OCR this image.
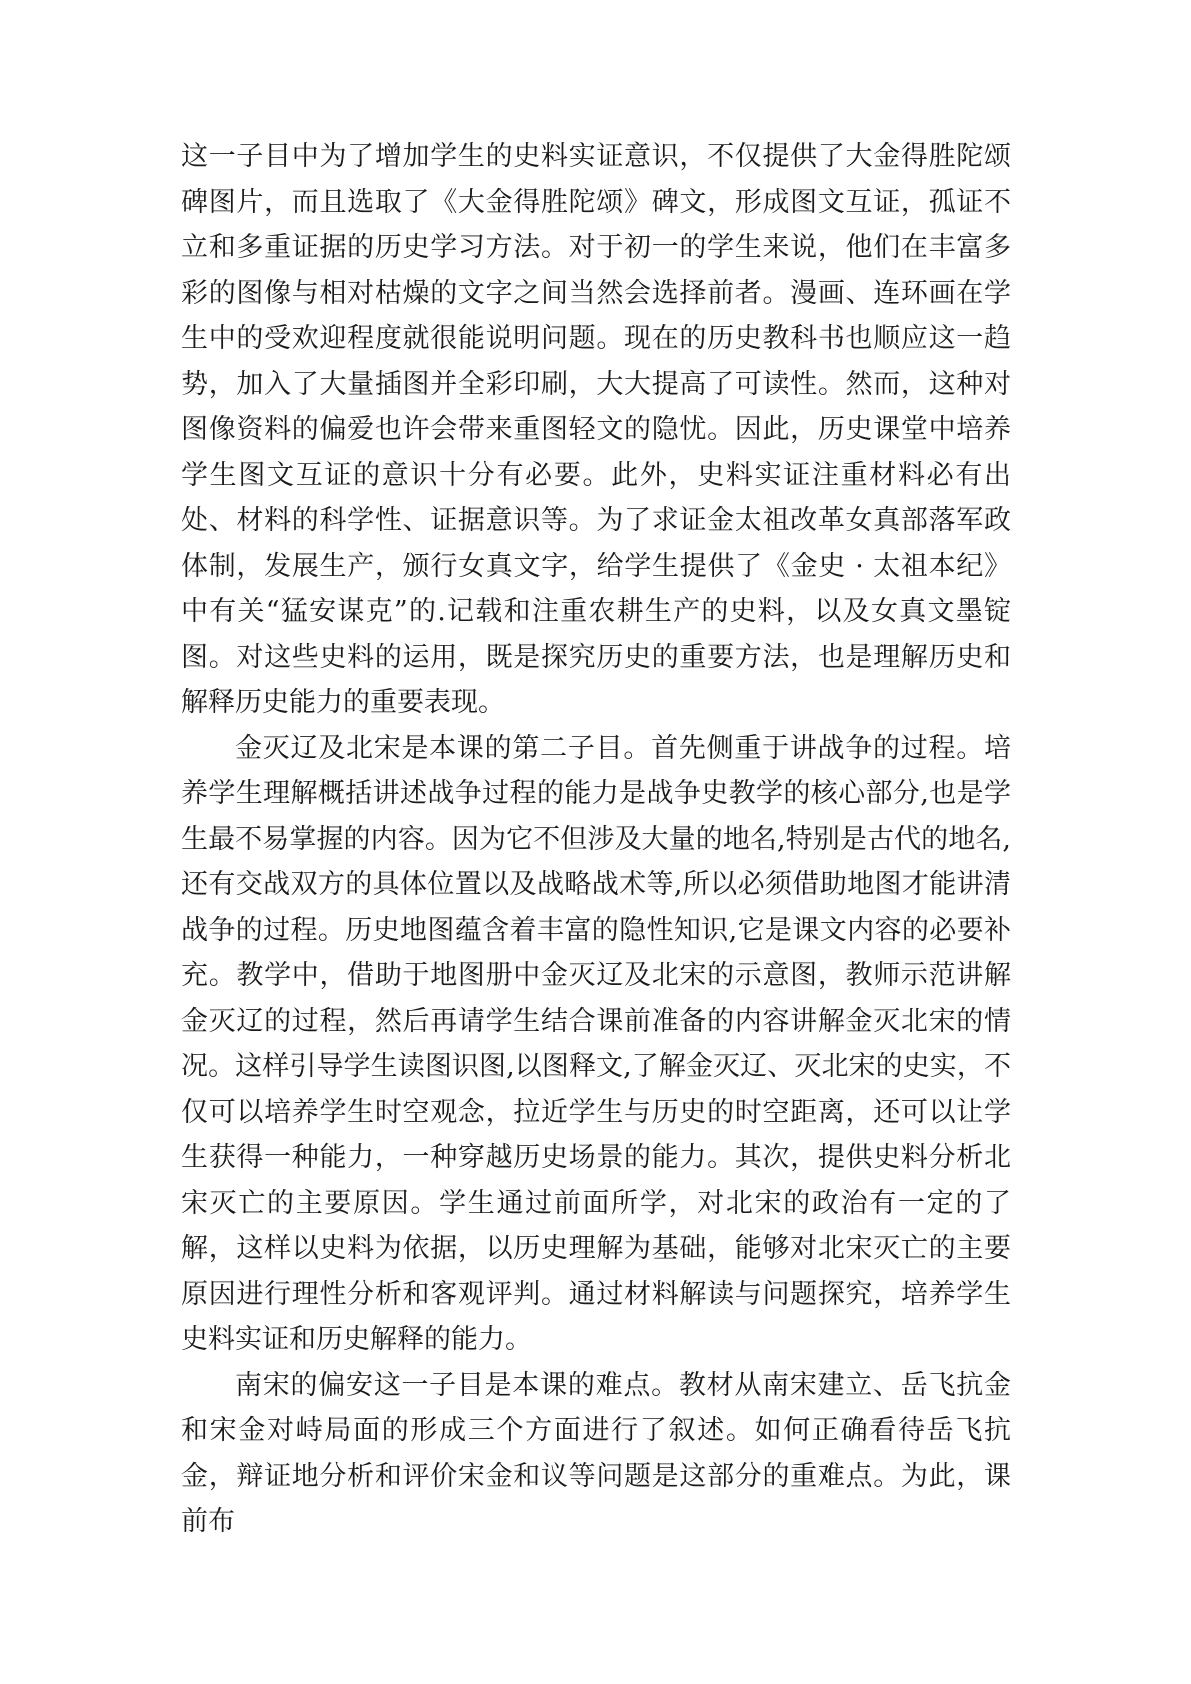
这一子目中为了增加学生的史料实证意识，不仅提供了大金得胜陀颂碑图片，而且选取了《大金得胜陀颂》碑文，形成图文互证，孤证不立和多重证据的历史学习方法。对于初一的学生来说，他们在丰富多彩的图像与相对枯燥的文字之间当然会选择前者。漫画、连环画在学生中的受欢迎程度就很能说明问题。现在的历史教科书也顺应这一趋势，加入了大量插图并全彩印刷，大大提高了可读性。然而，这种对图像资料的偏爱也许会带来重图轻文的隐忧。因此，历史课堂中培养学生图文互证的意识十分有必要。此外，史料实证注重材料必有出处、材料的科学性、证据意识等。为了求证金太祖改革女真部落军政体制，发展生产，颁行女真文字，给学生提供了《金史 · 太祖本纪》中有关“猛安谋克”的.记载和注重农耕生产的史料，以及女真文墨锭图。对这些史料的运用，既是探究历史的重要方法，也是理解历史和解释历史能力的重要表现。

金灭辽及北宋是本课的第二子目。首先侧重于讲战争的过程。培养学生理解概括讲述战争过程的能力是战争史教学的核心部分,也是学生最不易掌握的内容。因为它不但涉及大量的地名,特别是古代的地名,还有交战双方的具体位置以及战略战术等,所以必须借助地图才能讲清战争的过程。历史地图蕴含着丰富的隐性知识,它是课文内容的必要补充。教学中，借助于地图册中金灭辽及北宋的示意图，教师示范讲解金灭辽的过程，然后再请学生结合课前准备的内容讲解金灭北宋的情况。这样引导学生读图识图,以图释文,了解金灭辽、灭北宋的史实，不仅可以培养学生时空观念，拉近学生与历史的时空距离，还可以让学生获得一种能力，一种穿越历史场景的能力。其次，提供史料分析北宋灭亡的主要原因。学生通过前面所学，对北宋的政治有一定的了解，这样以史料为依据，以历史理解为基础，能够对北宋灭亡的主要原因进行理性分析和客观评判。通过材料解读与问题探究，培养学生史料实证和历史解释的能力。

南宋的偏安这一子目是本课的难点。教材从南宋建立、岳飞抗金和宋金对峙局面的形成三个方面进行了叙述。如何正确看待岳飞抗金，辩证地分析和评价宋金和议等问题是这部分的重难点。为此，课前布
